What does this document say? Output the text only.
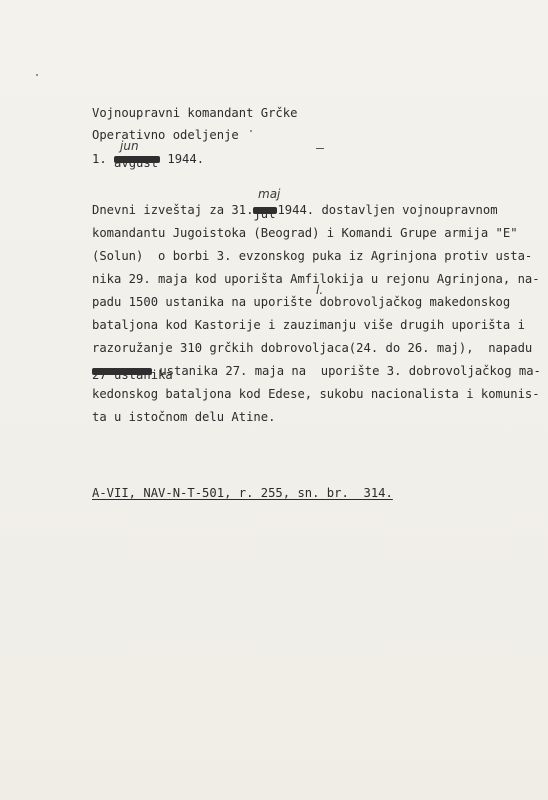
Vojnoupravni komandant Grčke
Operativno odeljenje
jun
1. avgust 1944.
maj
Dnevni izveštaj za 31.jul 1944. dostavljen vojnoupravnom
komandantu Jugoistoka (Beograd) i Komandi Grupe armija "E"
(Solun)  o borbi 3. evzonskog puka iz Agrinjona protiv usta-
nika 29. maja kod uporišta Amfilokija u rejonu Agrinjona, na-
l.
padu 1500 ustanika na uporište dobrovoljačkog makedonskog
bataljona kod Kastorije i zauzimanju više drugih uporišta i
razoružanje 310 grčkih dobrovoljaca(24. do 26. maj),  napadu
27 ustanika ustanika 27. maja na  uporište 3. dobrovoljačkog ma-
kedonskog bataljona kod Edese, sukobu nacionalista i komunis-
ta u istočnom delu Atine.
A-VII, NAV-N-T-501, r. 255, sn. br.  314.
